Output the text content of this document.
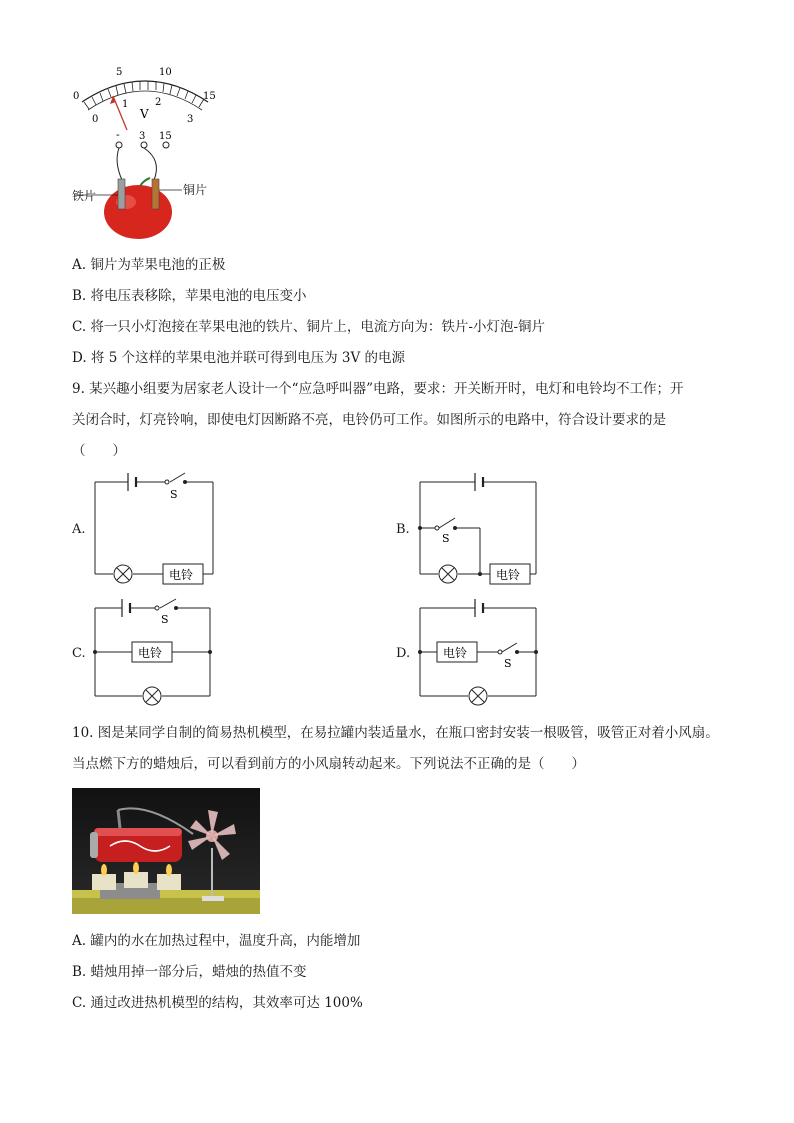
0
5	10
15
0
1	2
3
V
- 3 15
铁片	铜片
A. 铜片为苹果电池的正极
B. 将电压表移除，苹果电池的电压变小
C. 将一只小灯泡接在苹果电池的铁片、铜片上，电流方向为：铁片-小灯泡-铜片
D. 将 5 个这样的苹果电池并联可得到电压为 3V 的电源
9. 某兴趣小组要为居家老人设计一个“应急呼叫器”电路，要求：开关断开时，电灯和电铃均不工作；开
关闭合时，灯亮铃响，即使电灯因断路不亮，电铃仍可工作。如图所示的电路中，符合设计要求的是
（　　）
A.	B.
C.	D.
S
电铃
S
电铃
S
电铃
S
电铃
10. 图是某同学自制的简易热机模型，在易拉罐内装适量水，在瓶口密封安装一根吸管，吸管正对着小风扇。
当点燃下方的蜡烛后，可以看到前方的小风扇转动起来。下列说法不正确的是（　　）
A. 罐内的水在加热过程中，温度升高，内能增加
B. 蜡烛用掉一部分后，蜡烛的热值不变
C. 通过改进热机模型的结构，其效率可达 100%
